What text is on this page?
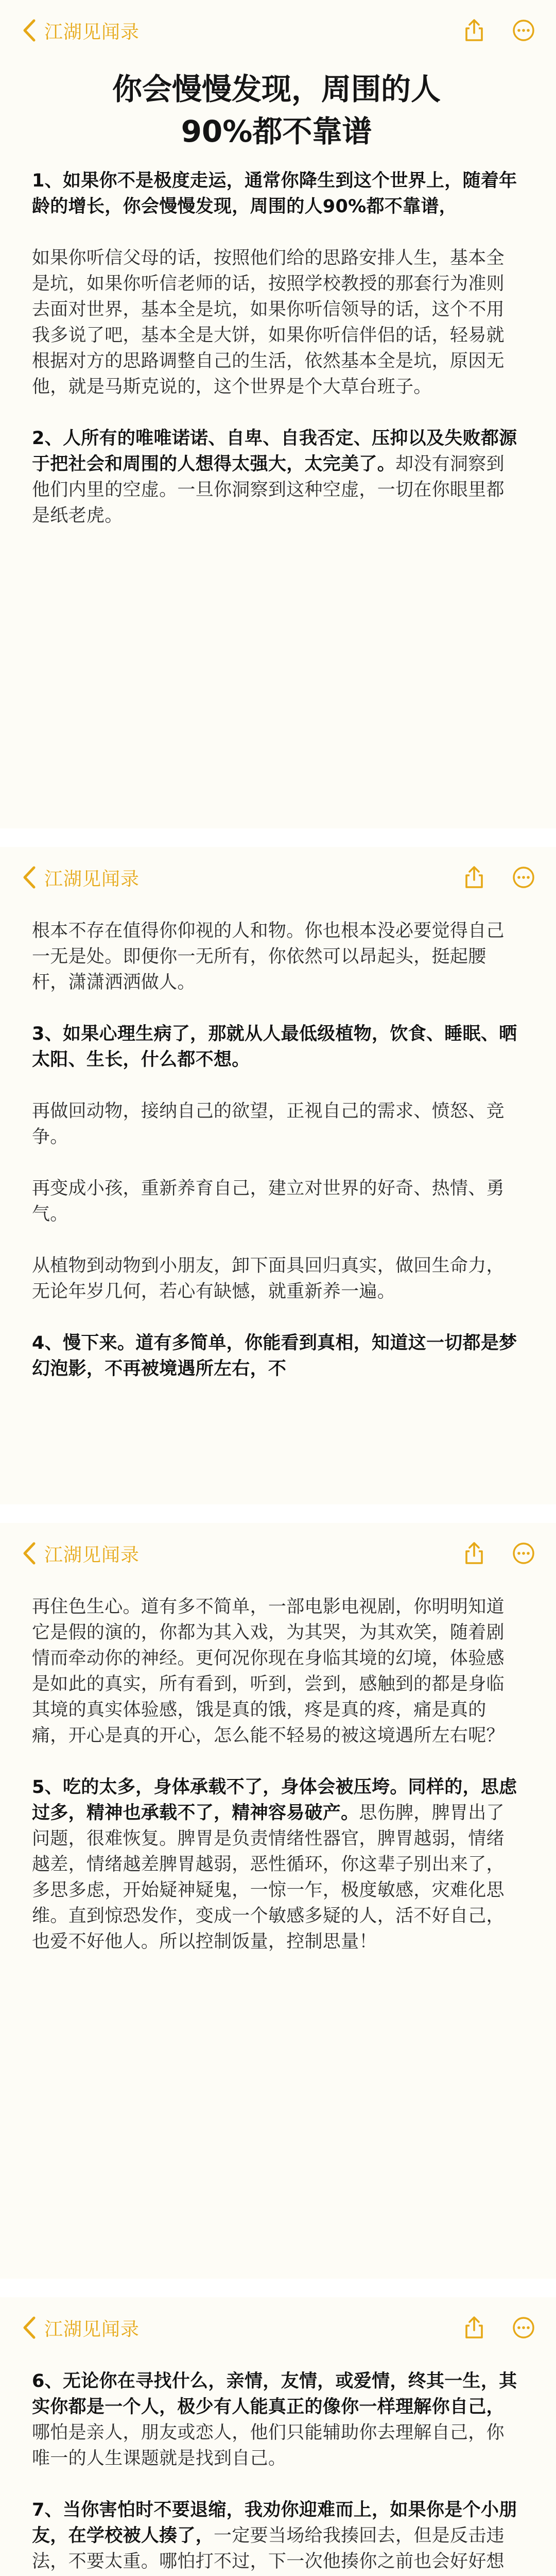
江湖见闻录
你会慢慢发现，周围的人
90%都不靠谱

1、如果你不是极度走运，通常你降生到这个世界上，随着年龄的增长，你会慢慢发现，周围的人90%都不靠谱，

如果你听信父母的话，按照他们给的思路安排人生，基本全是坑，如果你听信老师的话，按照学校教授的那套行为准则去面对世界，基本全是坑，如果你听信领导的话，这个不用我多说了吧，基本全是大饼，如果你听信伴侣的话，轻易就根据对方的思路调整自己的生活，依然基本全是坑，原因无他，就是马斯克说的，这个世界是个大草台班子。

2、人所有的唯唯诺诺、自卑、自我否定、压抑以及失败都源于把社会和周围的人想得太强大，太完美了。却没有洞察到他们内里的空虚。一旦你洞察到这种空虚，一切在你眼里都是纸老虎。

江湖见闻录

根本不存在值得你仰视的人和物。你也根本没必要觉得自己一无是处。即便你一无所有，你依然可以昂起头，挺起腰杆，潇潇洒洒做人。

3、如果心理生病了，那就从人最低级植物，饮食、睡眠、晒太阳、生长，什么都不想。

再做回动物，接纳自己的欲望，正视自己的需求、愤怒、竞争。

再变成小孩，重新养育自己，建立对世界的好奇、热情、勇气。

从植物到动物到小朋友，卸下面具回归真实，做回生命力，无论年岁几何，若心有缺憾，就重新养一遍。

4、慢下来。道有多简单，你能看到真相，知道这一切都是梦幻泡影，不再被境遇所左右，不

江湖见闻录

再住色生心。道有多不简单，一部电影电视剧，你明明知道它是假的演的，你都为其入戏，为其哭，为其欢笑，随着剧情而牵动你的神经。更何况你现在身临其境的幻境，体验感是如此的真实，所有看到，听到，尝到，感触到的都是身临其境的真实体验感，饿是真的饿，疼是真的疼，痛是真的痛，开心是真的开心，怎么能不轻易的被这境遇所左右呢？

5、吃的太多，身体承载不了，身体会被压垮。同样的，思虑过多，精神也承载不了，精神容易破产。思伤脾，脾胃出了问题，很难恢复。脾胃是负责情绪性器官，脾胃越弱，情绪越差，情绪越差脾胃越弱，恶性循环，你这辈子别出来了，多思多虑，开始疑神疑鬼，一惊一乍，极度敏感，灾难化思维。直到惊恐发作，变成一个敏感多疑的人，活不好自己，也爱不好他人。所以控制饭量，控制思量！

江湖见闻录

6、无论你在寻找什么，亲情，友情，或爱情，终其一生，其实你都是一个人，极少有人能真正的像你一样理解你自己，哪怕是亲人，朋友或恋人，他们只能辅助你去理解自己，你唯一的人生课题就是找到自己。

7、当你害怕时不要退缩，我劝你迎难而上，如果你是个小朋友，在学校被人揍了，一定要当场给我揍回去，但是反击违法，不要太重。哪怕打不过，下一次他揍你之前也会好好想
